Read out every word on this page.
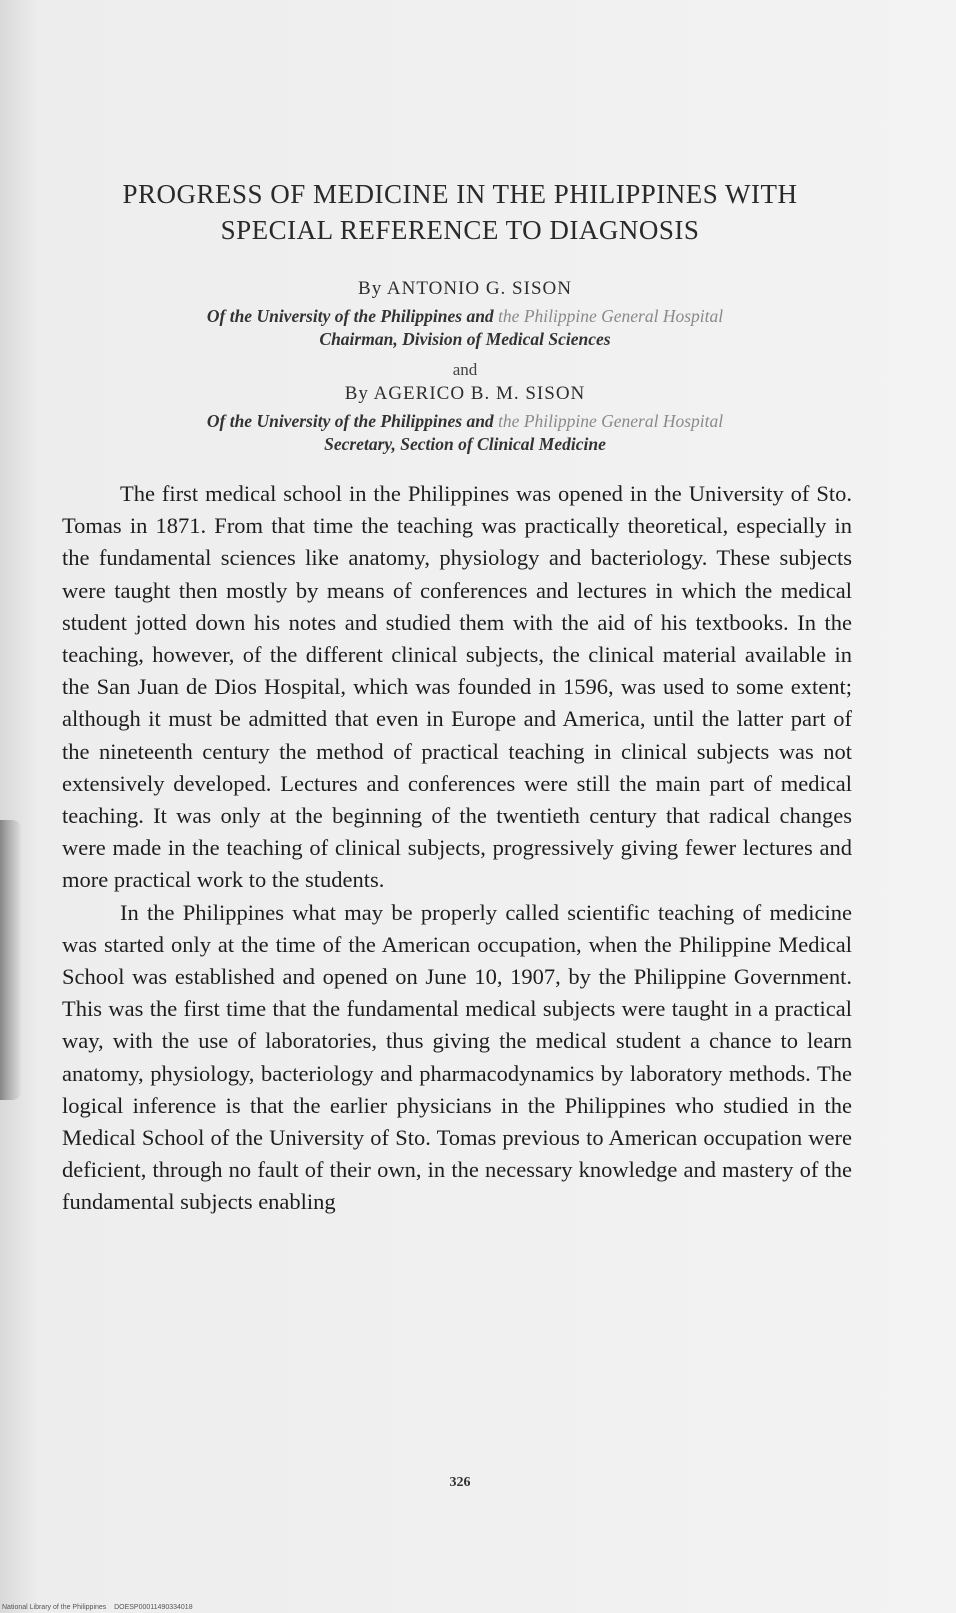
PROGRESS OF MEDICINE IN THE PHILIPPINES WITH
SPECIAL REFERENCE TO DIAGNOSIS
By ANTONIO G. SISON
Of the University of the Philippines and the Philippine General Hospital
Chairman, Division of Medical Sciences
and
By AGERICO B. M. SISON
Of the University of the Philippines and the Philippine General Hospital
Secretary, Section of Clinical Medicine

The first medical school in the Philippines was opened in the University of Sto. Tomas in 1871. From that time the teaching was practically theoretical, especially in the fundamental sciences like anatomy, physiology and bacteriology. These subjects were taught then mostly by means of conferences and lectures in which the medical student jotted down his notes and studied them with the aid of his textbooks. In the teaching, however, of the different clinical subjects, the clinical material available in the San Juan de Dios Hospital, which was founded in 1596, was used to some extent; although it must be admitted that even in Europe and America, until the latter part of the nineteenth century the method of practical teaching in clinical subjects was not extensively developed. Lectures and conferences were still the main part of medical teaching. It was only at the beginning of the twentieth century that radical changes were made in the teaching of clinical subjects, progressively giving fewer lectures and more practical work to the students.

In the Philippines what may be properly called scientific teaching of medicine was started only at the time of the American occupation, when the Philippine Medical School was established and opened on June 10, 1907, by the Philippine Government. This was the first time that the fundamental medical subjects were taught in a practical way, with the use of laboratories, thus giving the medical student a chance to learn anatomy, physiology, bacteriology and pharmacodynamics by laboratory methods. The logical inference is that the earlier physicians in the Philippines who studied in the Medical School of the University of Sto. Tomas previous to American occupation were deficient, through no fault of their own, in the necessary knowledge and mastery of the fundamental subjects enabling

326
National Library of the Philippines DOESP00011490334018
